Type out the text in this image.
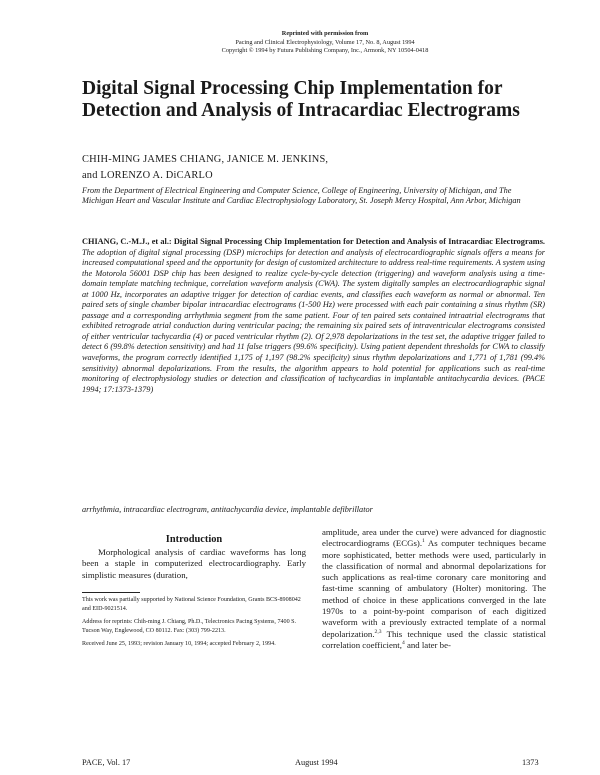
Reprinted with permission from
Pacing and Clinical Electrophysiology, Volume 17, No. 8, August 1994
Copyright © 1994 by Futura Publishing Company, Inc., Armonk, NY 10504-0418
Digital Signal Processing Chip Implementation for Detection and Analysis of Intracardiac Electrograms
CHIH-MING JAMES CHIANG, JANICE M. JENKINS,
and LORENZO A. DiCARLO
From the Department of Electrical Engineering and Computer Science, College of Engineering, University of Michigan, and The Michigan Heart and Vascular Institute and Cardiac Electrophysiology Laboratory, St. Joseph Mercy Hospital, Ann Arbor, Michigan

CHIANG, C.-M.J., et al.: Digital Signal Processing Chip Implementation for Detection and Analysis of Intracardiac Electrograms. The adoption of digital signal processing (DSP) microchips for detection and analysis of electrocardiographic signals offers a means for increased computational speed and the opportunity for design of customized architecture to address real-time requirements. A system using the Motorola 56001 DSP chip has been designed to realize cycle-by-cycle detection (triggering) and waveform analysis using a time-domain template matching technique, correlation waveform analysis (CWA). The system digitally samples an electrocardiographic signal at 1000 Hz, incorporates an adaptive trigger for detection of cardiac events, and classifies each waveform as normal or abnormal. Ten paired sets of single chamber bipolar intracardiac electrograms (1-500 Hz) were processed with each pair containing a sinus rhythm (SR) passage and a corresponding arrhythmia segment from the same patient. Four of ten paired sets contained intraatrial electrograms that exhibited retrograde atrial conduction during ventricular pacing; the remaining six paired sets of intraventricular electrograms consisted of either ventricular tachycardia (4) or paced ventricular rhythm (2). Of 2,978 depolarizations in the test set, the adaptive trigger failed to detect 6 (99.8% detection sensitivity) and had 11 false triggers (99.6% specificity). Using patient dependent thresholds for CWA to classify waveforms, the program correctly identified 1,175 of 1,197 (98.2% specificity) sinus rhythm depolarizations and 1,771 of 1,781 (99.4% sensitivity) abnormal depolarizations. From the results, the algorithm appears to hold potential for applications such as real-time monitoring of electrophysiology studies or detection and classification of tachycardias in implantable antitachycardia devices. (PACE 1994; 17:1373-1379)

arrhythmia, intracardiac electrogram, antitachycardia device, implantable defibrillator
Introduction

Morphological analysis of cardiac waveforms has long been a staple in computerized electrocardiography. Early simplistic measures (duration,

amplitude, area under the curve) were advanced for diagnostic electrocardiograms (ECGs).$^1$ As computer techniques became more sophisticated, better methods were used, particularly in the classification of normal and abnormal depolarizations for such applications as real-time coronary care monitoring and fast-time scanning of ambulatory (Holter) monitoring. The method of choice in these applications converged in the late 1970s to a point-by-point comparison of each digitized waveform with a previously extracted template of a normal depolarization.$^{2,3}$ This technique used the classic statistical correlation coefficient,$^4$ and later be-

This work was partially supported by National Science Foundation, Grants BCS-8908042 and EID-9021514.

Address for reprints: Chih-ming J. Chiang, Ph.D., Telectronics Pacing Systems, 7400 S. Tucson Way, Englewood, CO 80112. Fax: (303) 799-2213.

Received June 25, 1993; revision January 10, 1994; accepted February 2, 1994.

PACE, Vol. 17	August 1994	1373
